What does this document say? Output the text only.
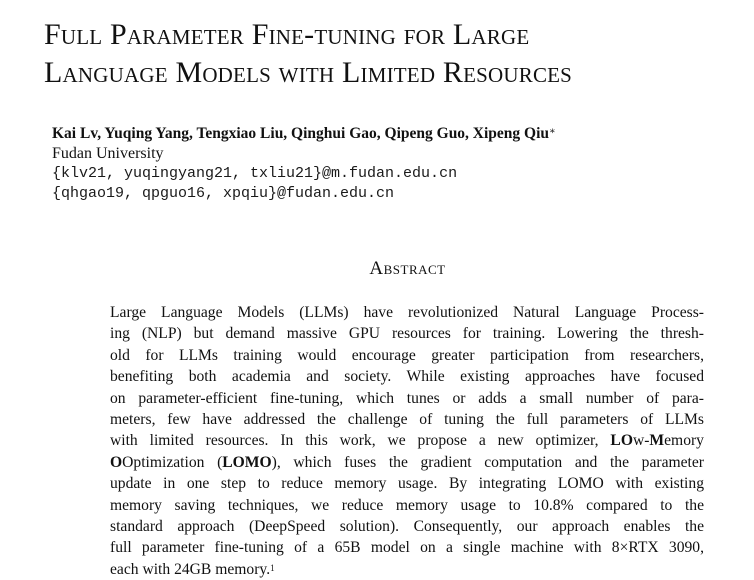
Full Parameter Fine-tuning for Large
Language Models with Limited Resources
Kai Lv, Yuqing Yang, Tengxiao Liu, Qinghui Gao, Qipeng Guo, Xipeng Qiu∗
Fudan University
{klv21, yuqingyang21, txliu21}@m.fudan.edu.cn
{qhgao19, qpguo16, xpqiu}@fudan.edu.cn
Abstract
Large Language Models (LLMs) have revolutionized Natural Language Process-
ing (NLP) but demand massive GPU resources for training. Lowering the thresh-
old for LLMs training would encourage greater participation from researchers,
benefiting both academia and society. While existing approaches have focused
on parameter-efficient fine-tuning, which tunes or adds a small number of para-
meters, few have addressed the challenge of tuning the full parameters of LLMs
with limited resources. In this work, we propose a new optimizer, LOw-Memory
OOptimization (LOMO), which fuses the gradient computation and the parameter
update in one step to reduce memory usage. By integrating LOMO with existing
memory saving techniques, we reduce memory usage to 10.8% compared to the
standard approach (DeepSpeed solution). Consequently, our approach enables the
full parameter fine-tuning of a 65B model on a single machine with 8×RTX 3090,
each with 24GB memory.$^1$
